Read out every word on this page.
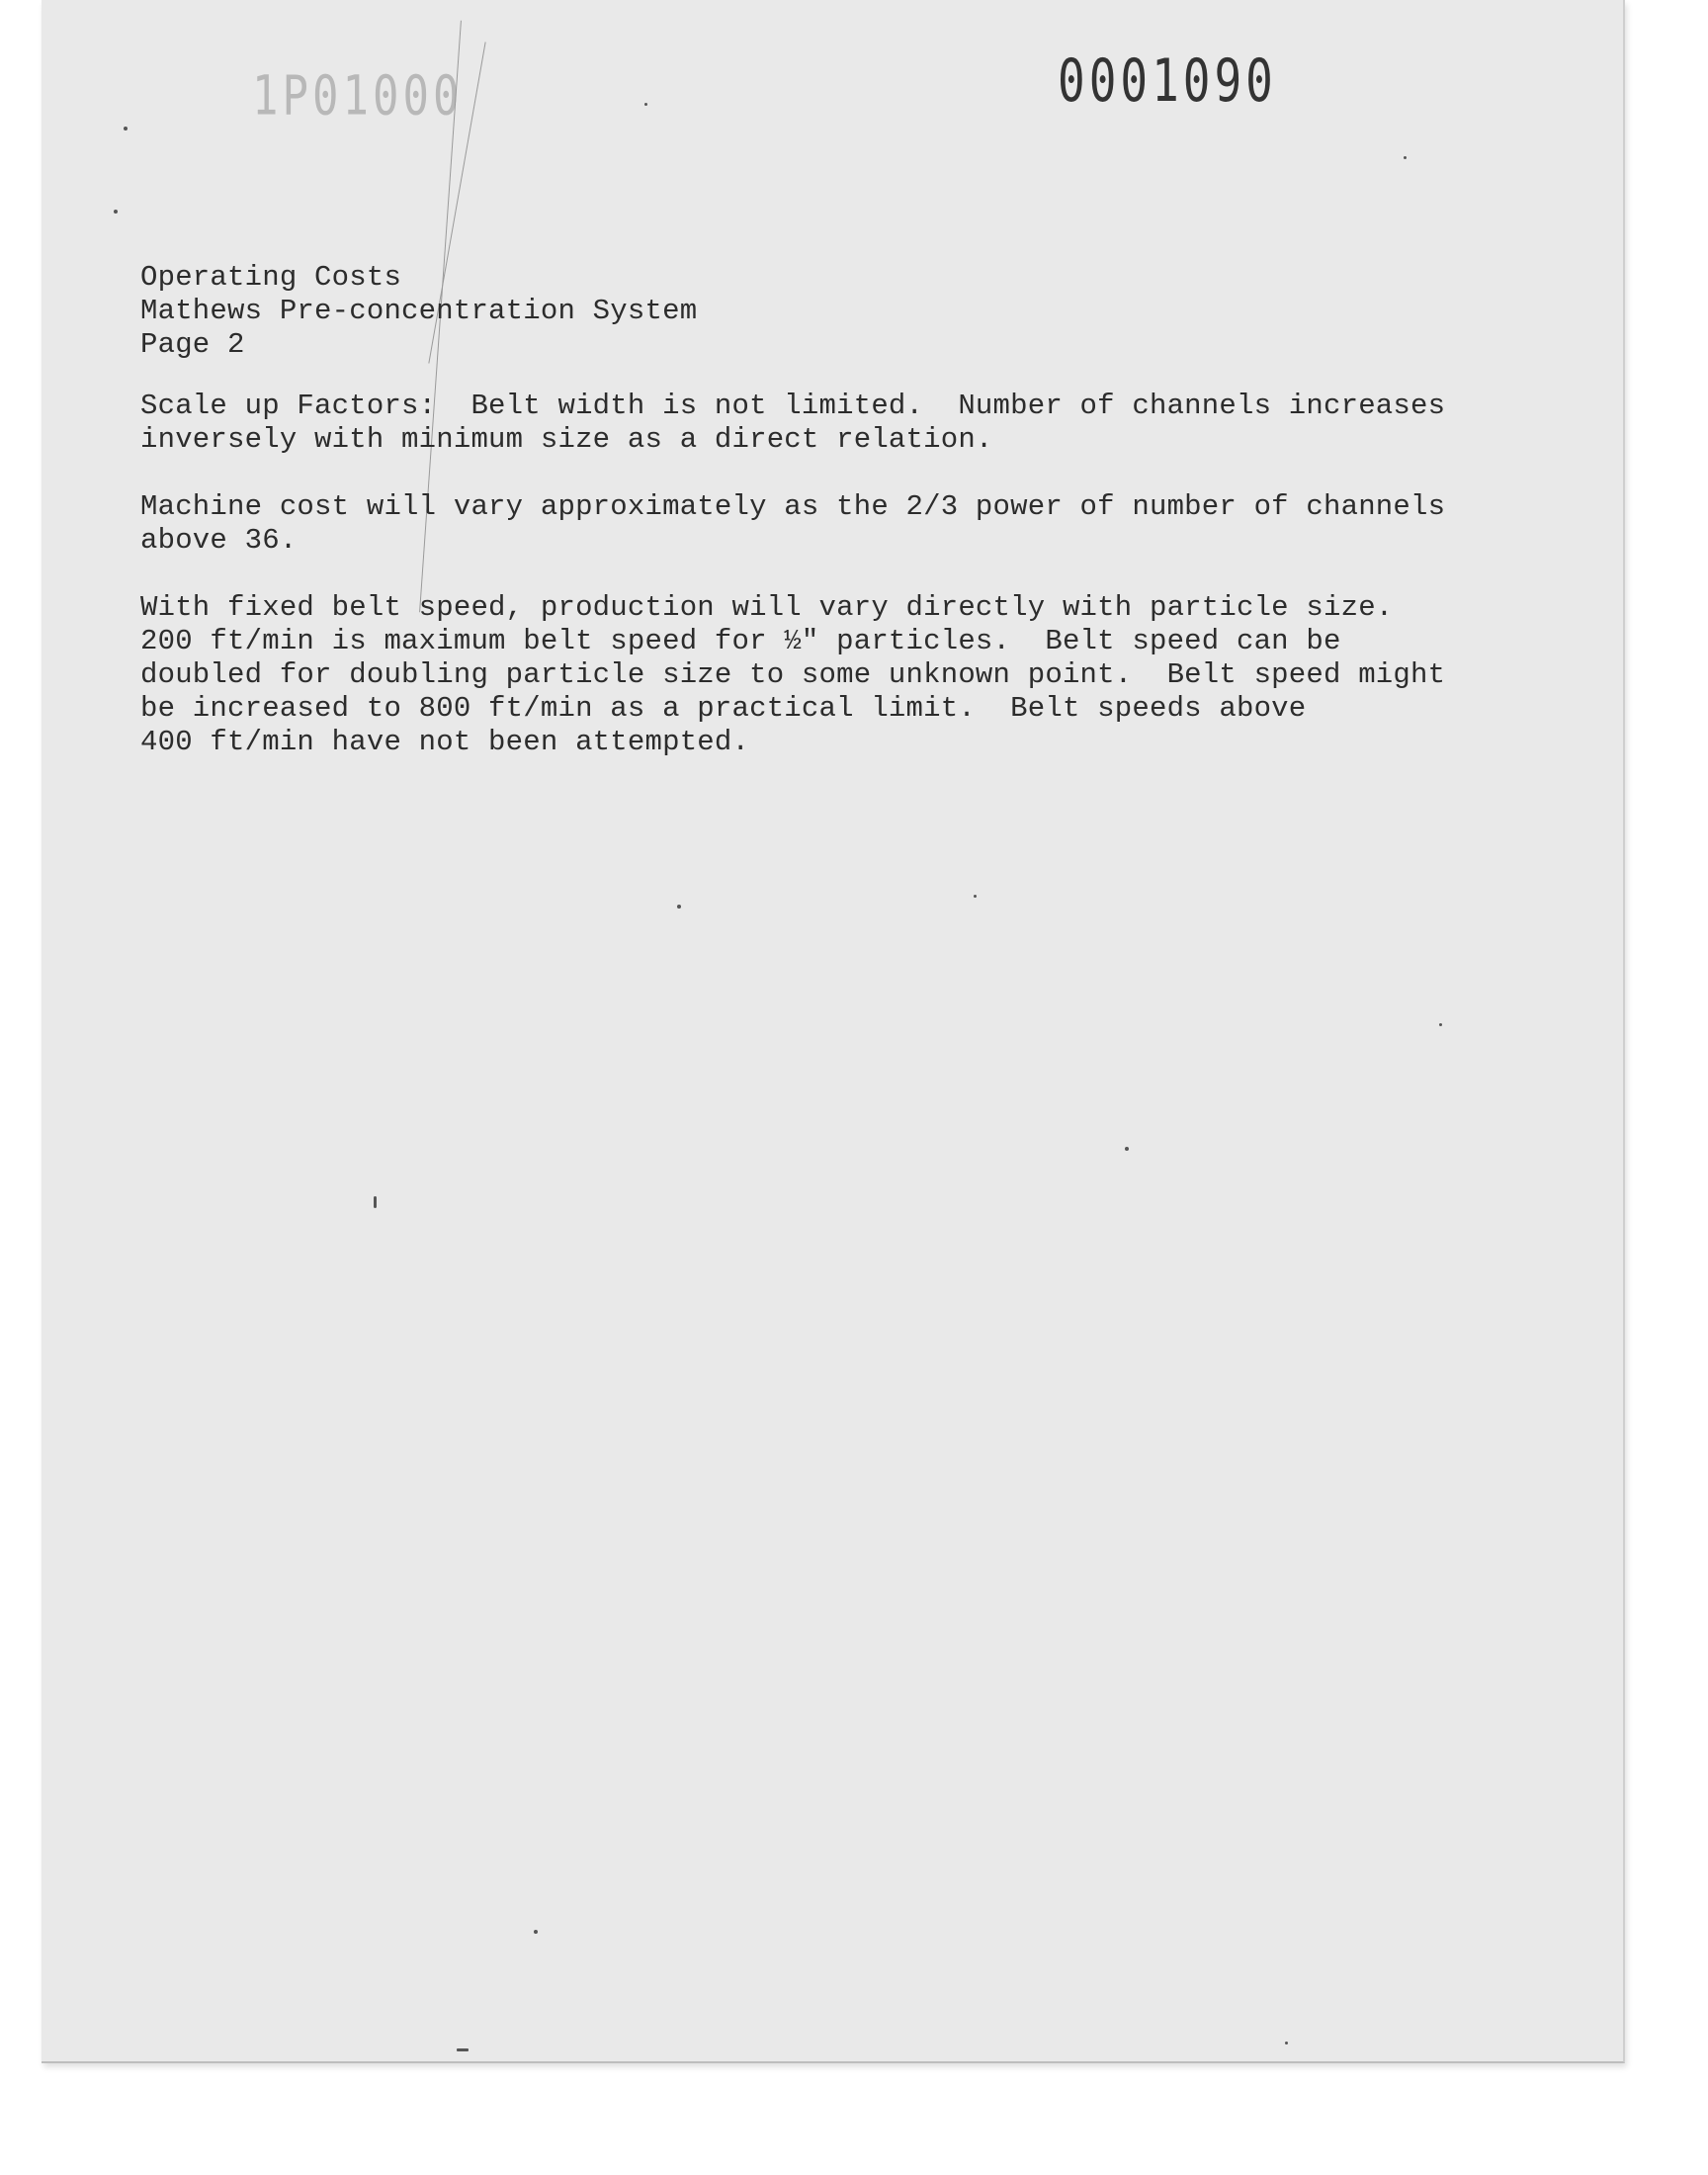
1P01000	0001090
Operating Costs
Mathews Pre-concentration System
Page 2
Scale up Factors:  Belt width is not limited.  Number of channels increases
inversely with minimum size as a direct relation.
Machine cost will vary approximately as the 2/3 power of number of channels
above 36.
With fixed belt speed, production will vary directly with particle size.
200 ft/min is maximum belt speed for ½" particles.  Belt speed can be
doubled for doubling particle size to some unknown point.  Belt speed might
be increased to 800 ft/min as a practical limit.  Belt speeds above
400 ft/min have not been attempted.
